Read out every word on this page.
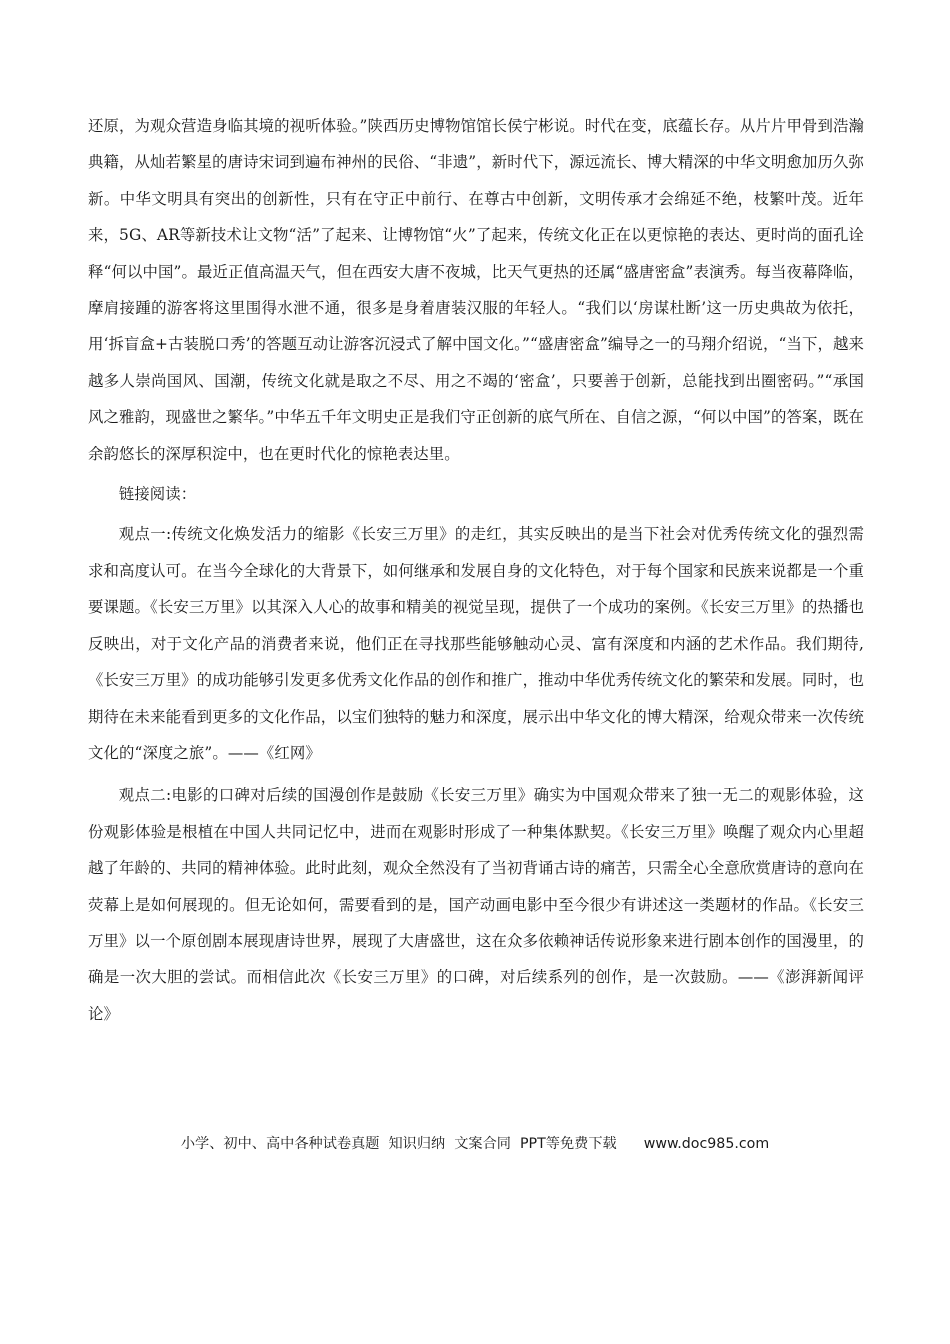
还原，为观众营造身临其境的视听体验。”陕西历史博物馆馆长侯宁彬说。时代在变，底蕴长存。从片片甲骨到浩瀚典籍，从灿若繁星的唐诗宋词到遍布神州的民俗、“非遗”，新时代下，源远流长、博大精深的中华文明愈加历久弥新。中华文明具有突出的创新性，只有在守正中前行、在尊古中创新，文明传承才会绵延不绝，枝繁叶茂。近年来，5G、AR等新技术让文物“活”了起来、让博物馆“火”了起来，传统文化正在以更惊艳的表达、更时尚的面孔诠释“何以中国”。最近正值高温天气，但在西安大唐不夜城，比天气更热的还属“盛唐密盒”表演秀。每当夜幕降临，摩肩接踵的游客将这里围得水泄不通，很多是身着唐装汉服的年轻人。“我们以‘房谋杜断’这一历史典故为依托，用‘拆盲盒+古装脱口秀’的答题互动让游客沉浸式了解中国文化。”“盛唐密盒”编导之一的马翔介绍说，“当下，越来越多人崇尚国风、国潮，传统文化就是取之不尽、用之不竭的‘密盒’，只要善于创新，总能找到出圈密码。”“承国风之雅韵，现盛世之繁华。”中华五千年文明史正是我们守正创新的底气所在、自信之源，“何以中国”的答案，既在余韵悠长的深厚积淀中，也在更时代化的惊艳表达里。

链接阅读：

观点一:传统文化焕发活力的缩影《长安三万里》的走红，其实反映出的是当下社会对优秀传统文化的强烈需求和高度认可。在当今全球化的大背景下，如何继承和发展自身的文化特色，对于每个国家和民族来说都是一个重要课题。《长安三万里》以其深入人心的故事和精美的视觉呈现，提供了一个成功的案例。《长安三万里》的热播也反映出，对于文化产品的消费者来说，他们正在寻找那些能够触动心灵、富有深度和内涵的艺术作品。我们期待,《长安三万里》的成功能够引发更多优秀文化作品的创作和推广，推动中华优秀传统文化的繁荣和发展。同时，也期待在未来能看到更多的文化作品，以宝们独特的魅力和深度，展示出中华文化的博大精深，给观众带来一次传统文化的“深度之旅”。——《红网》

观点二:电影的口碑对后续的国漫创作是鼓励《长安三万里》确实为中国观众带来了独一无二的观影体验，这份观影体验是根植在中国人共同记忆中，进而在观影时形成了一种集体默契。《长安三万里》唤醒了观众内心里超越了年龄的、共同的精神体验。此时此刻，观众全然没有了当初背诵古诗的痛苦，只需全心全意欣赏唐诗的意向在荧幕上是如何展现的。但无论如何，需要看到的是，国产动画电影中至今很少有讲述这一类题材的作品。《长安三万里》以一个原创剧本展现唐诗世界，展现了大唐盛世，这在众多依赖神话传说形象来进行剧本创作的国漫里，的确是一次大胆的尝试。而相信此次《长安三万里》的口碑，对后续系列的创作，是一次鼓励。——《澎湃新闻评论》

小学、初中、高中各种试卷真题  知识归纳  文案合同  PPT等免费下载      www.doc985.com
